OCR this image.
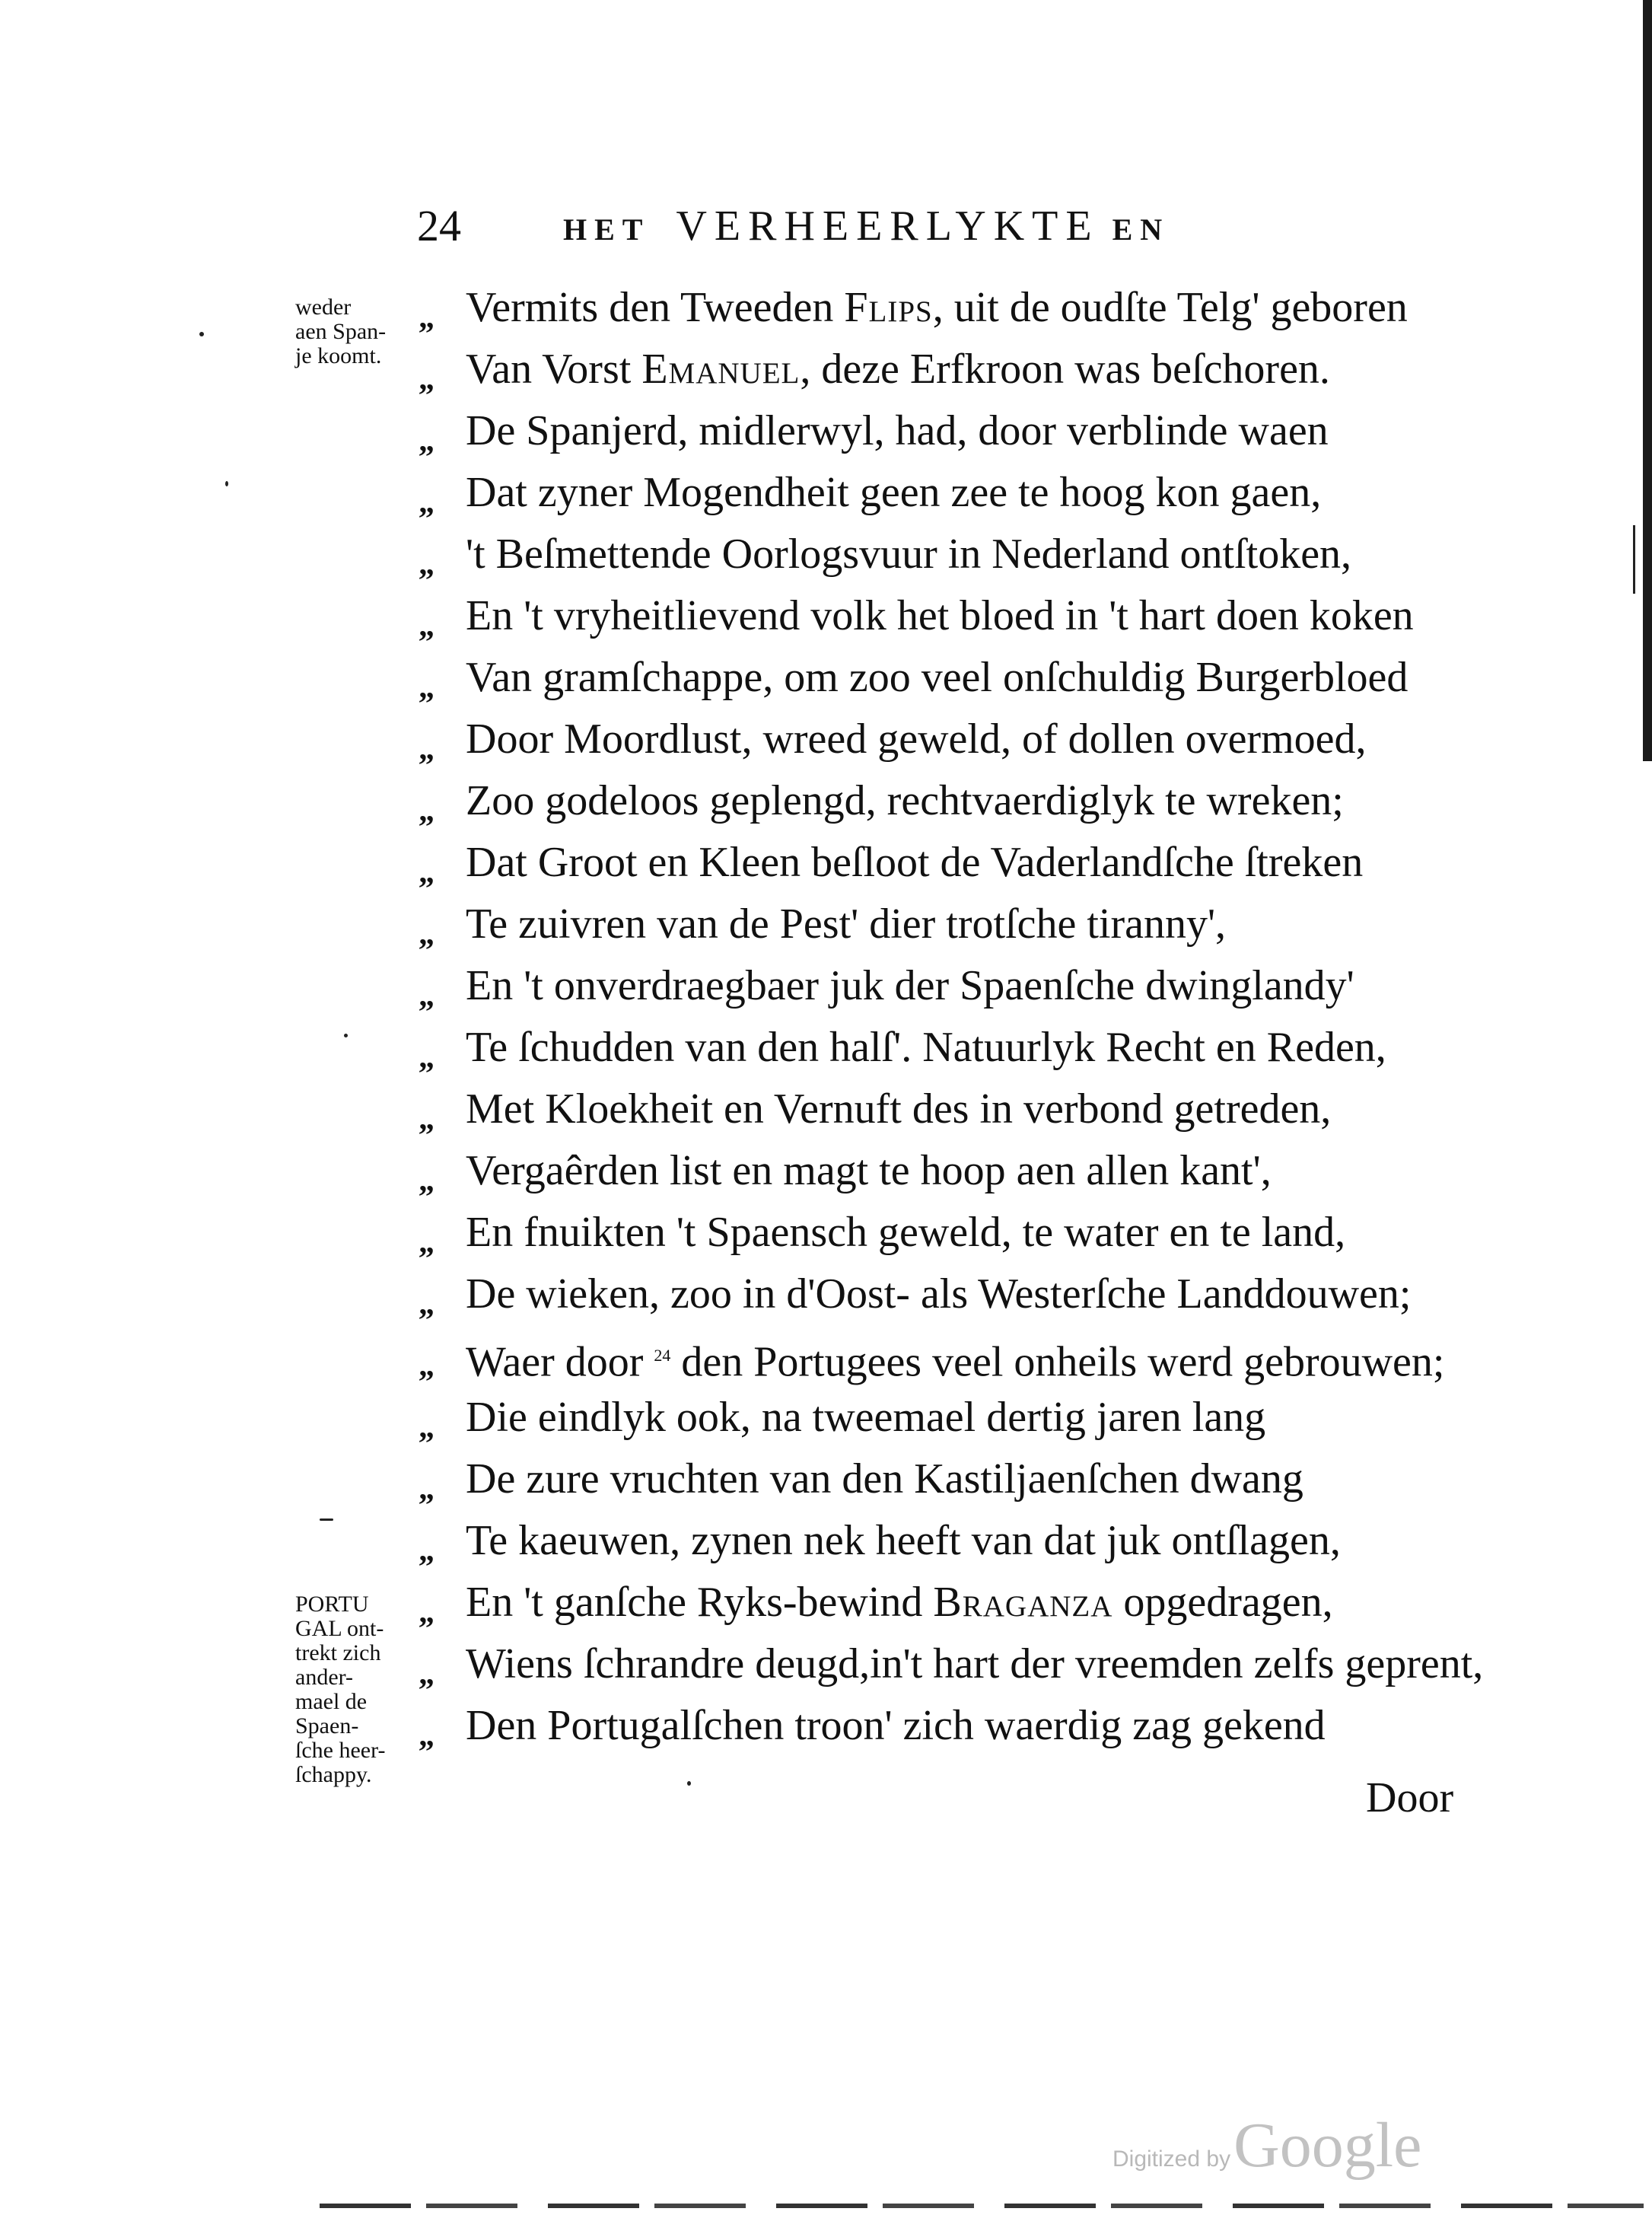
24	HET VERHEERLYKTE EN
weder
aen Span-
je koomt.
PORTU
GAL ont-
trekt zich
ander-
mael de
Spaen-
ſche heer-
ſchappy.
„ Vermits den Tweeden Flips, uit de oudſte Telg' geboren
„ Van Vorst Emanuel, deze Erfkroon was beſchoren.
„ De Spanjerd, midlerwyl, had, door verblinde waen
„ Dat zyner Mogendheit geen zee te hoog kon gaen,
„ 't Beſmettende Oorlogsvuur in Nederland ontſtoken,
„ En 't vryheitlievend volk het bloed in 't hart doen koken
„ Van gramſchappe, om zoo veel onſchuldig Burgerbloed
„ Door Moordlust, wreed geweld, of dollen overmoed,
„ Zoo godeloos geplengd, rechtvaerdiglyk te wreken;
„ Dat Groot en Kleen beſloot de Vaderlandſche ſtreken
„ Te zuivren van de Pest' dier trotſche tiranny',
„ En 't onverdraegbaer juk der Spaenſche dwinglandy'
„ Te ſchudden van den halſ'. Natuurlyk Recht en Reden,
„ Met Kloekheit en Vernuft des in verbond getreden,
„ Vergaêrden list en magt te hoop aen allen kant',
„ En fnuikten 't Spaensch geweld, te water en te land,
„ De wieken, zoo in d'Oost- als Westerſche Landdouwen;
„ Waer door $^{24}$ den Portugees veel onheils werd gebrouwen;
„ Die eindlyk ook, na tweemael dertig jaren lang
„ De zure vruchten van den Kastiljaenſchen dwang
„ Te kaeuwen, zynen nek heeft van dat juk ontſlagen,
„ En 't ganſche Ryks-bewind Braganza opgedragen,
„ Wiens ſchrandre deugd,in't hart der vreemden zelfs geprent,
„ Den Portugalſchen troon' zich waerdig zag gekend
Door
Digitized by Google
